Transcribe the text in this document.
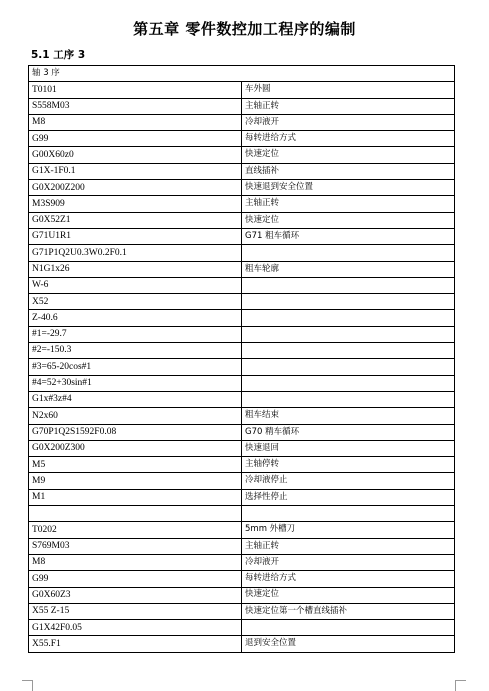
第五章 零件数控加工程序的编制
5.1 工序 3
轴 3 序	
T0101	车外圆
S558M03	主轴正转
M8	冷却液开
G99	每转进给方式
G00X60z0	快速定位
G1X-1F0.1	直线插补
G0X200Z200	快速退到安全位置
M3S909	主轴正转
G0X52Z1	快速定位
G71U1R1	G71 粗车循环
G71P1Q2U0.3W0.2F0.1	
N1G1x26	粗车轮廓
W-6	
X52	
Z-40.6	
#1=-29.7	
#2=-150.3	
#3=65-20cos#1	
#4=52+30sin#1	
G1x#3z#4	
N2x60	粗车结束
G70P1Q2S1592F0.08	G70 精车循环
G0X200Z300	快速退回
M5	主轴停转
M9	冷却液停止
M1	选择性停止

T0202	5mm 外槽刀
S769M03	主轴正转
M8	冷却液开
G99	每转进给方式
G0X60Z3	快速定位
X55 Z-15	快速定位第一个槽直线插补
G1X42F0.05	
X55.F1	退到安全位置
